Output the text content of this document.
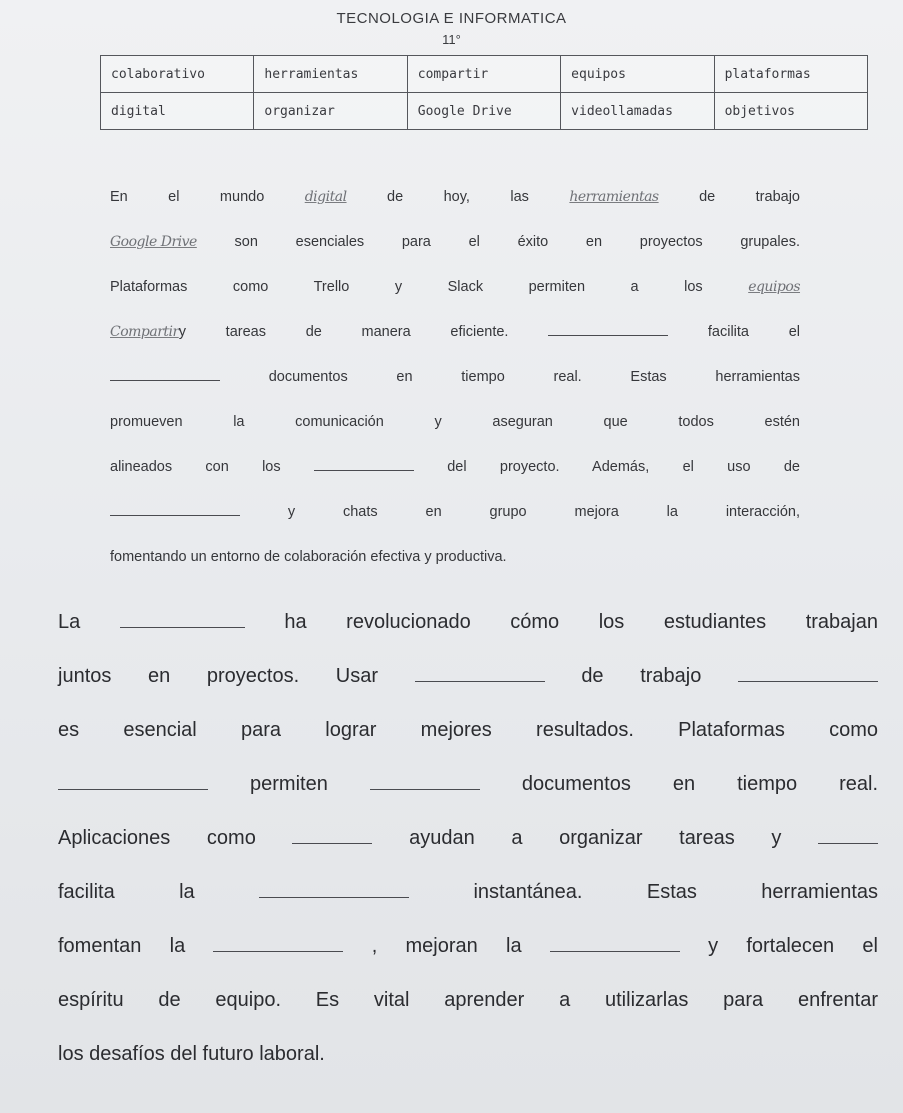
TECNOLOGIA E INFORMATICA
11°
colaborativo	herramientas	compartir	equipos	plataformas
digital	organizar	Google Drive	videollamadas	objetivos
En el mundo	digital	de hoy, las	herramientas	de trabajo
Google Drive	son esenciales para el éxito en proyectos grupales.
Plataformas como Trello y Slack permiten a los	equipos
Compartiry tareas de manera eficiente.	facilita el
documentos en tiempo real. Estas herramientas
promueven la comunicación y aseguran que todos estén
alineados con los	del proyecto. Además, el uso de
y chats en grupo mejora la interacción,
fomentando un entorno de colaboración efectiva y productiva.
La	ha revolucionado cómo los estudiantes trabajan
juntos en proyectos. Usar	de trabajo
es esencial para lograr mejores resultados. Plataformas como
permiten	documentos en tiempo real.
Aplicaciones como	ayudan a organizar tareas y
facilita la	instantánea. Estas herramientas
fomentan la	, mejoran la	y fortalecen el
espíritu de equipo. Es vital aprender a utilizarlas para enfrentar
los desafíos del futuro laboral.
